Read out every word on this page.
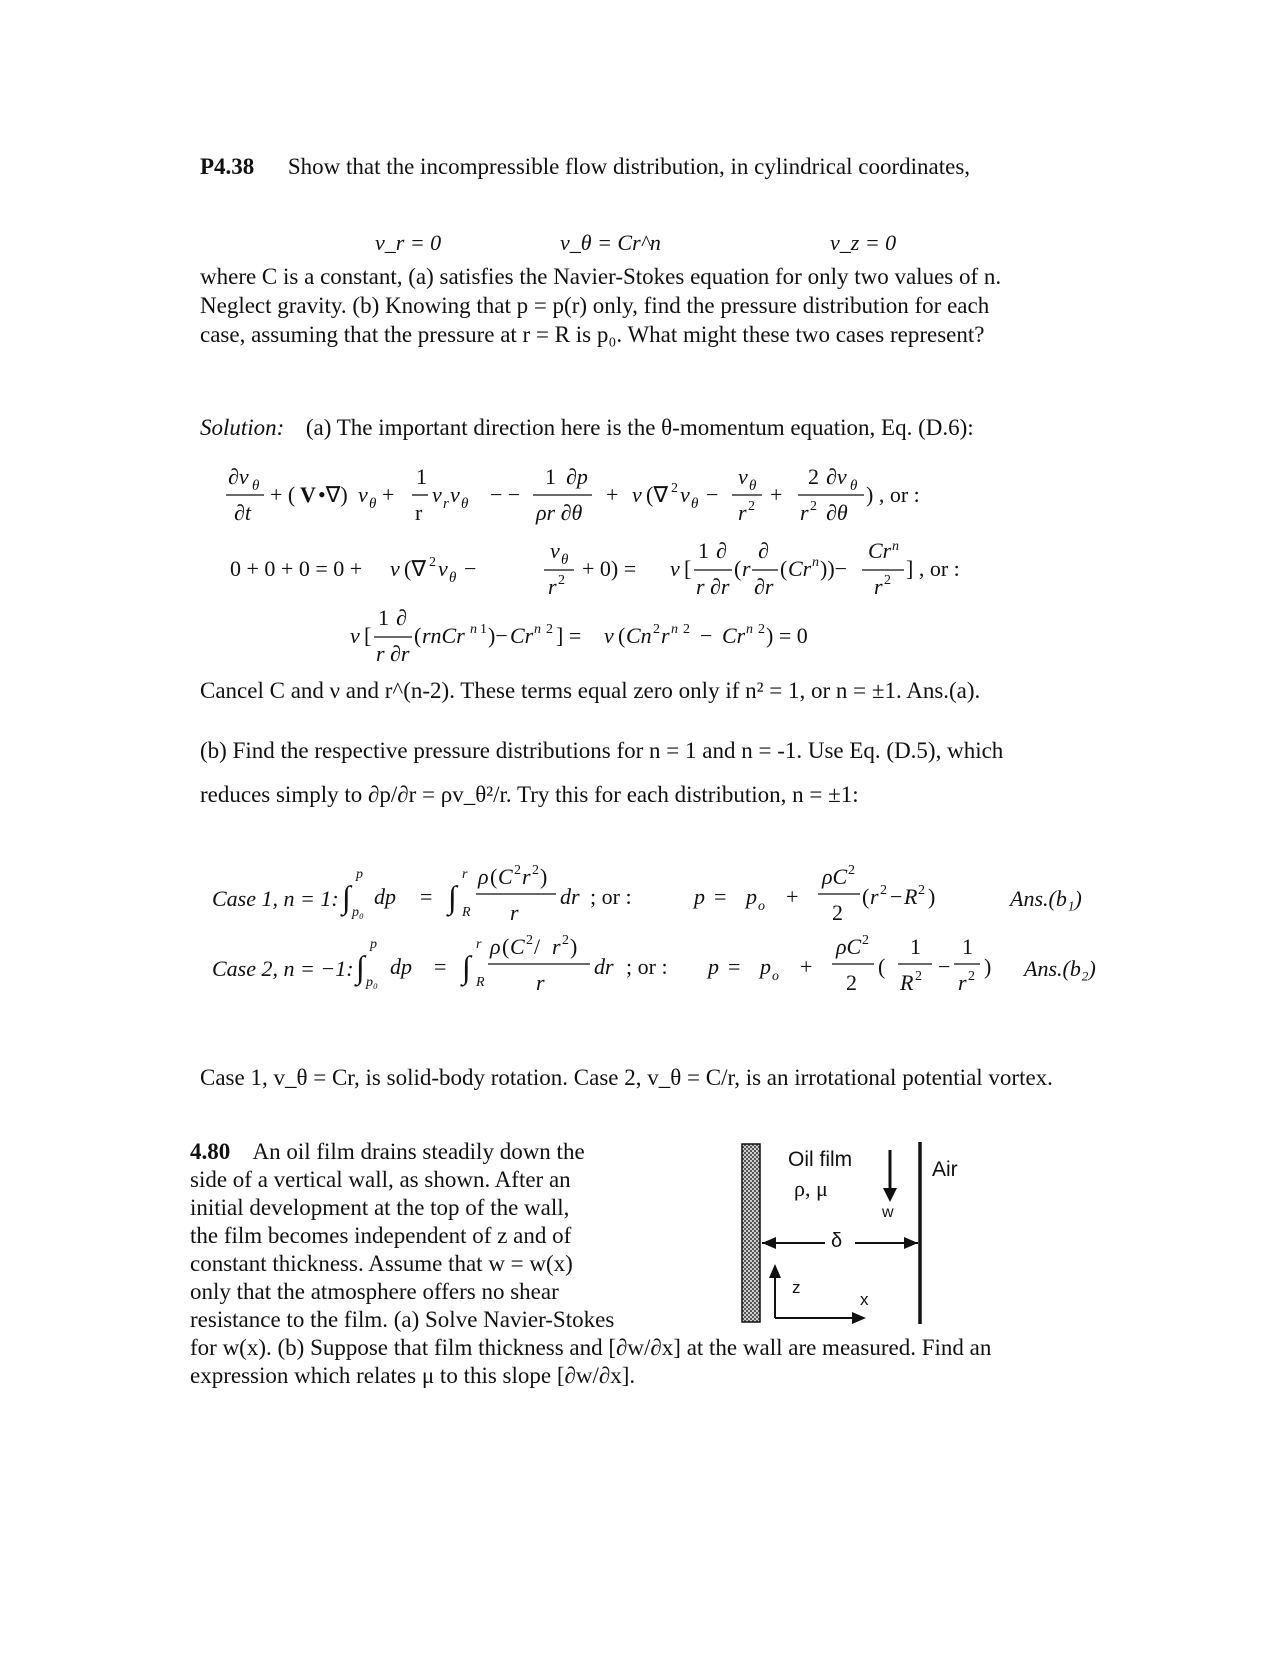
P4.38 Show that the incompressible flow distribution, in cylindrical coordinates,
v_r = 0	v_θ = Cr^n	v_z = 0
where C is a constant, (a) satisfies the Navier-Stokes equation for only two values of n.
Neglect gravity. (b) Knowing that p = p(r) only, find the pressure distribution for each
case, assuming that the pressure at r = R is p₀. What might these two cases represent?
Solution: (a) The important direction here is the θ-momentum equation, Eq. (D.6):
∂v θ
∂t
+ ( V •∇) v θ +
1
r
v r v θ − −
1 ∂p
ρr ∂θ
+ ν (∇ 2 v θ −
v θ
r 2 +
2 ∂v θ
r 2 ∂θ
) , or :
0 + 0 + 0 = 0 + ν (∇ 2 v θ −
v θ
r 2 + 0) = ν [
1 ∂
r ∂r
( r
∂
∂r
( Cr n ))−
Cr n
r 2 ] , or :
ν [
1 ∂
r ∂r
( rnCr n 1 )− Cr n 2 ] = ν ( Cn 2 r n 2 − Cr n 2 ) = 0
Cancel C and ν and r^(n-2). These terms equal zero only if n² = 1, or n = ±1. Ans.(a).
(b) Find the respective pressure distributions for n = 1 and n = -1. Use Eq. (D.5), which
reduces simply to ∂p/∂r = ρv_θ²/r. Try this for each distribution, n = ±1:
Case 1, n = 1: ∫
p
p₀
dp = ∫
r
R
ρ ( C 2 r 2 )
r
dr ; or :	p = p o +
ρC 2
2
( r 2 − R 2 )	Ans.(b₁)
Case 2, n = −1: ∫
p
p₀
dp = ∫
r
R
ρ ( C 2 / r 2 )
r
dr ; or : p = p o +
ρC 2
2
(
1
R 2 −
1
r 2 ) Ans.(b₂)
Case 1, v_θ = Cr, is solid-body rotation. Case 2, v_θ = C/r, is an irrotational potential vortex.
4.80 An oil film drains steadily down the
side of a vertical wall, as shown. After an
initial development at the top of the wall,
the film becomes independent of z and of
constant thickness. Assume that w = w(x)
only that the atmosphere offers no shear
resistance to the film. (a) Solve Navier-Stokes
for w(x). (b) Suppose that film thickness and [∂w/∂x] at the wall are measured. Find an
expression which relates μ to this slope [∂w/∂x].
Oil film
ρ, μ
Air
w
δ
z
x
